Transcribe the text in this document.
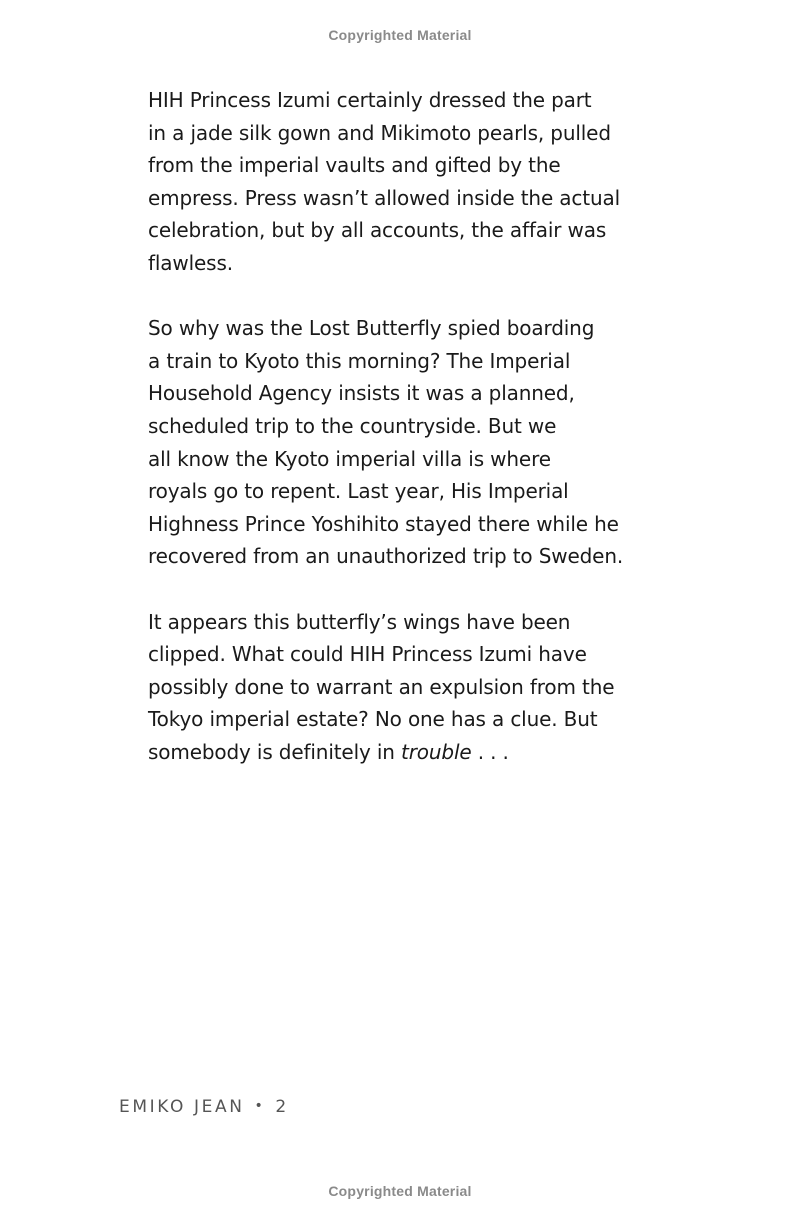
Copyrighted Material

HIH Princess Izumi certainly dressed the part
in a jade silk gown and Mikimoto pearls, pulled
from the imperial vaults and gifted by the
empress. Press wasn’t allowed inside the actual
celebration, but by all accounts, the affair was
flawless.

So why was the Lost Butterfly spied boarding
a train to Kyoto this morning? The Imperial
Household Agency insists it was a planned,
scheduled trip to the countryside. But we
all know the Kyoto imperial villa is where
royals go to repent. Last year, His Imperial
Highness Prince Yoshihito stayed there while he
recovered from an unauthorized trip to Sweden.

It appears this butterfly’s wings have been
clipped. What could HIH Princess Izumi have
possibly done to warrant an expulsion from the
Tokyo imperial estate? No one has a clue. But
somebody is definitely in trouble . . .

EMIKO JEAN • 2
Copyrighted Material
